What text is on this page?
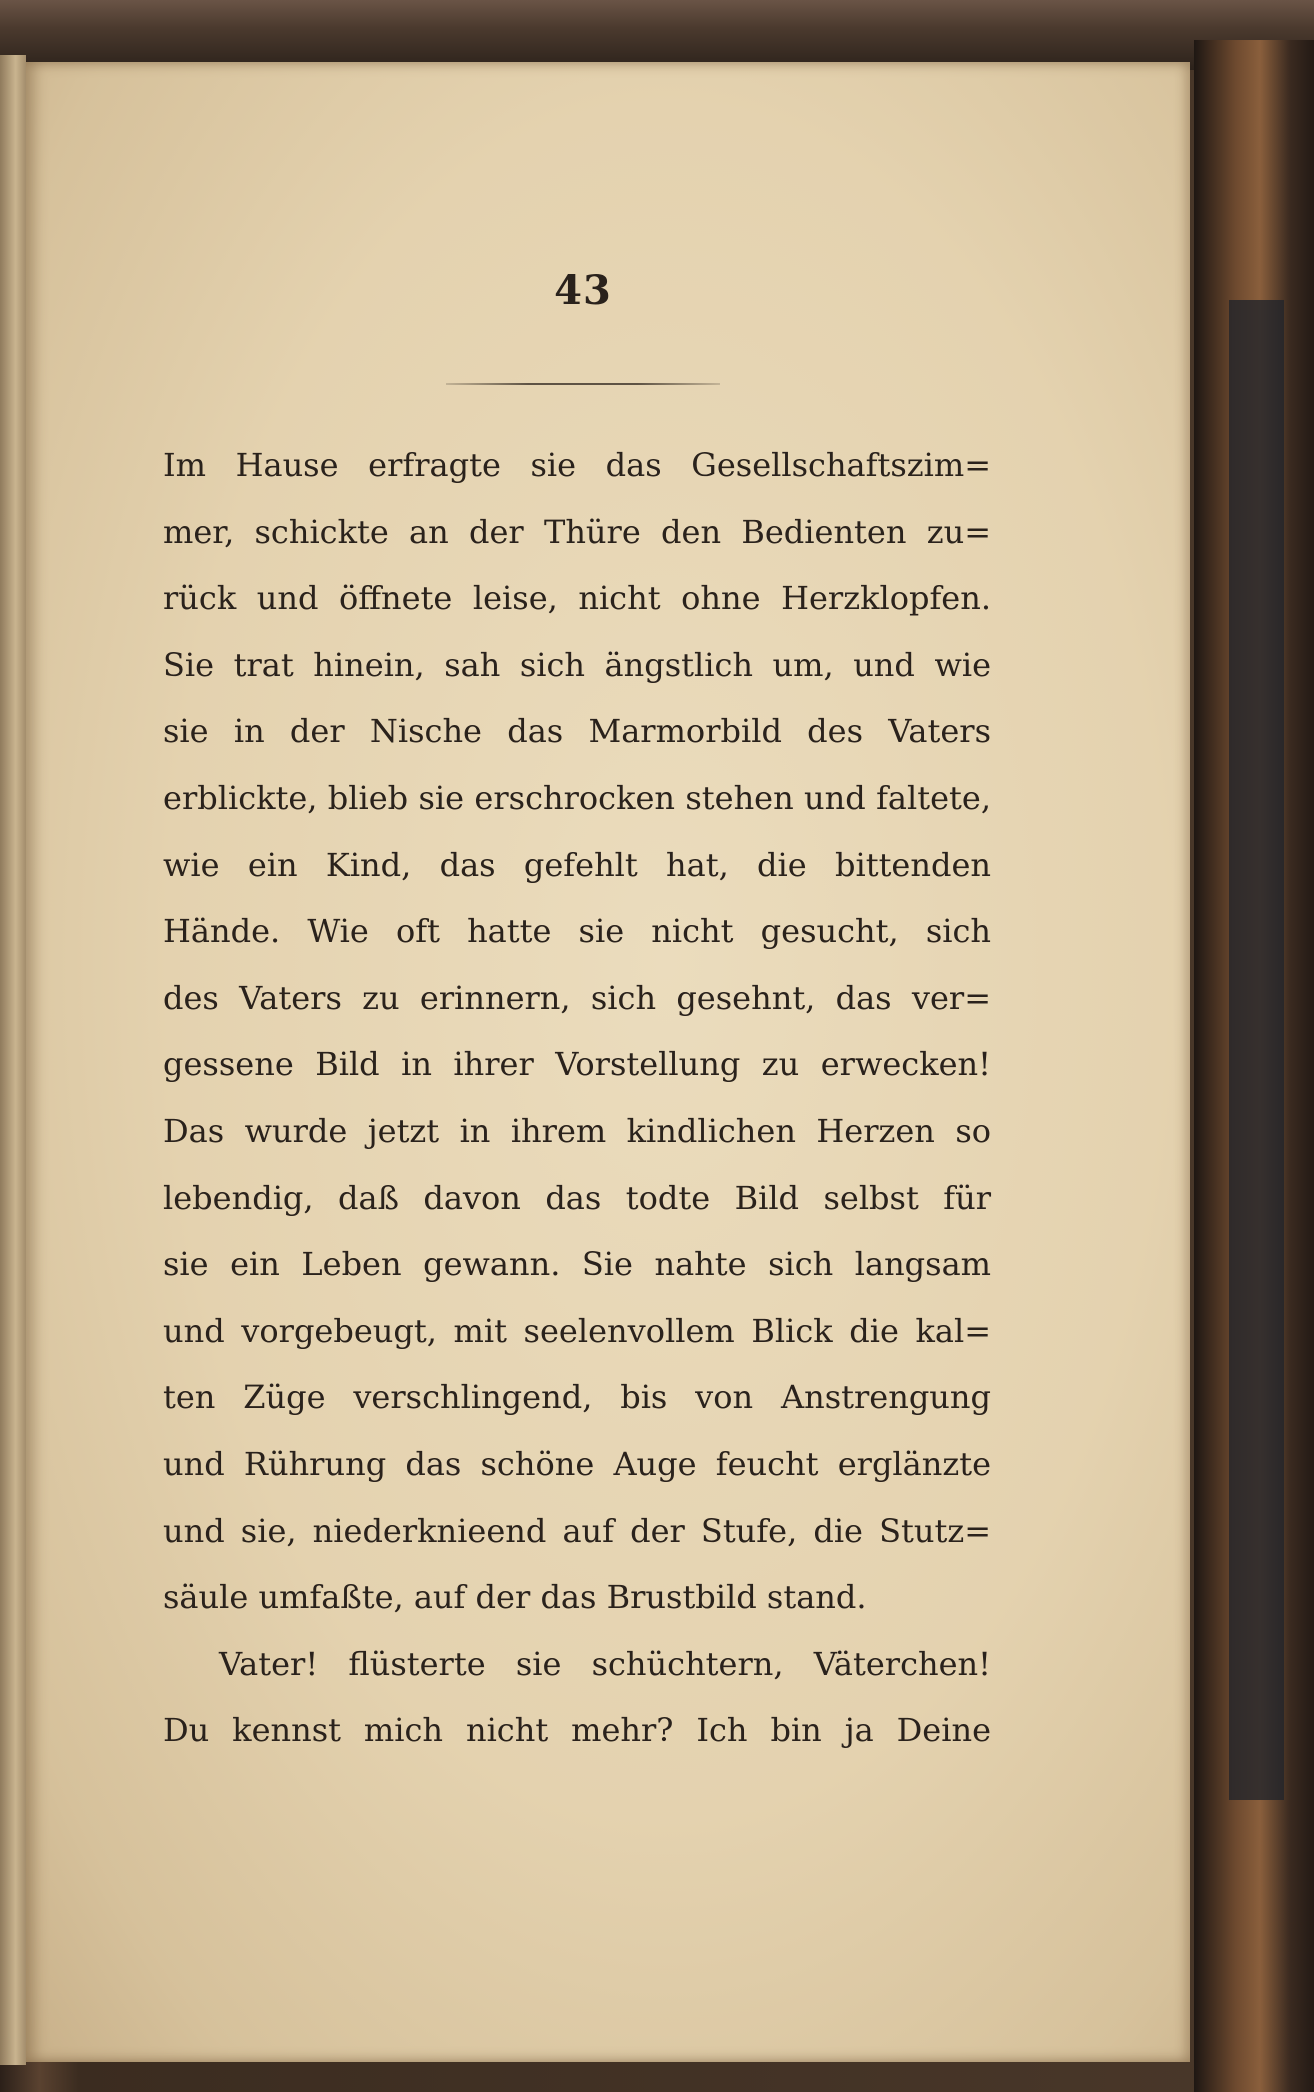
43
Im Hause erfragte sie das Gesellschaftszim=
mer, schickte an der Thüre den Bedienten zu=
rück und öffnete leise, nicht ohne Herzklopfen.
Sie trat hinein, sah sich ängstlich um, und wie
sie in der Nische das Marmorbild des Vaters
erblickte, blieb sie erschrocken stehen und faltete,
wie ein Kind, das gefehlt hat, die bittenden
Hände. Wie oft hatte sie nicht gesucht, sich
des Vaters zu erinnern, sich gesehnt, das ver=
gessene Bild in ihrer Vorstellung zu erwecken!
Das wurde jetzt in ihrem kindlichen Herzen so
lebendig, daß davon das todte Bild selbst für
sie ein Leben gewann. Sie nahte sich langsam
und vorgebeugt, mit seelenvollem Blick die kal=
ten Züge verschlingend, bis von Anstrengung
und Rührung das schöne Auge feucht erglänzte
und sie, niederknieend auf der Stufe, die Stutz=
säule umfaßte, auf der das Brustbild stand.
Vater! flüsterte sie schüchtern, Väterchen!
Du kennst mich nicht mehr? Ich bin ja Deine
